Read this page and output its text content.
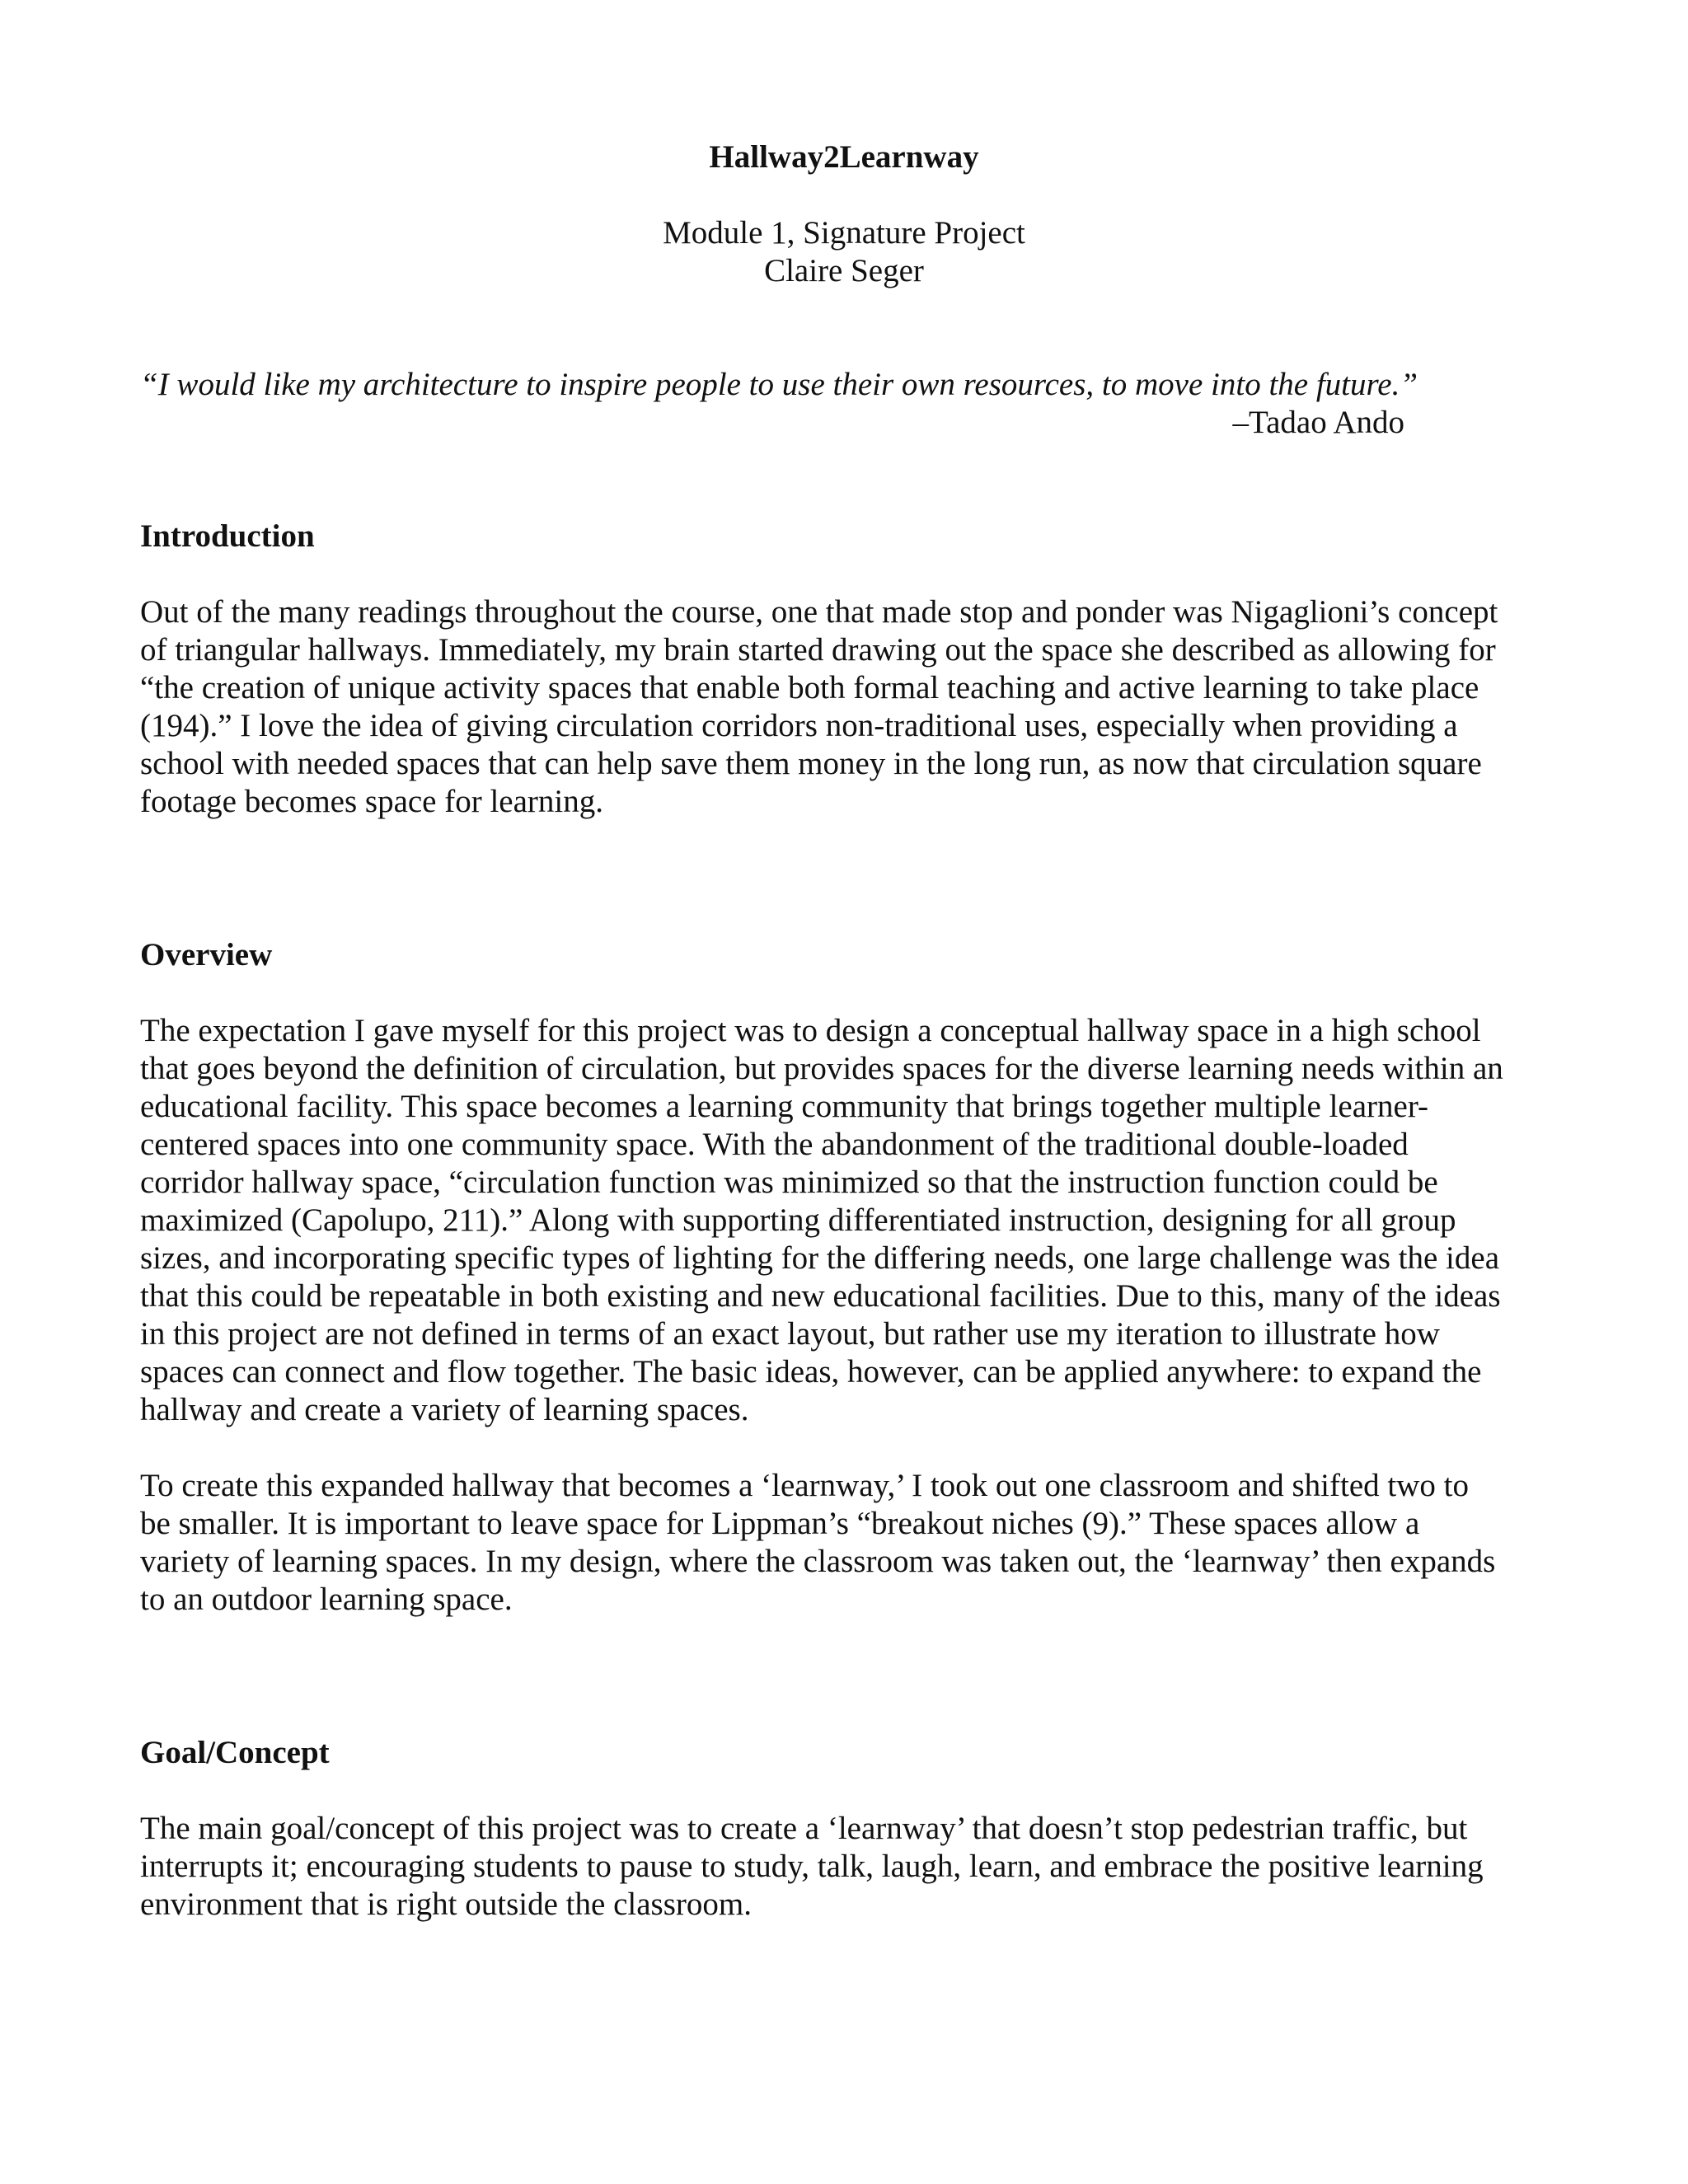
Hallway2Learnway
Module 1, Signature Project
Claire Seger
“I would like my architecture to inspire people to use their own resources, to move into the future.”
–Tadao Ando
Introduction
Out of the many readings throughout the course, one that made stop and ponder was Nigaglioni’s concept
of triangular hallways. Immediately, my brain started drawing out the space she described as allowing for
“the creation of unique activity spaces that enable both formal teaching and active learning to take place
(194).” I love the idea of giving circulation corridors non-traditional uses, especially when providing a
school with needed spaces that can help save them money in the long run, as now that circulation square
footage becomes space for learning.
Overview
The expectation I gave myself for this project was to design a conceptual hallway space in a high school
that goes beyond the definition of circulation, but provides spaces for the diverse learning needs within an
educational facility. This space becomes a learning community that brings together multiple learner-
centered spaces into one community space. With the abandonment of the traditional double-loaded
corridor hallway space, “circulation function was minimized so that the instruction function could be
maximized (Capolupo, 211).” Along with supporting differentiated instruction, designing for all group
sizes, and incorporating specific types of lighting for the differing needs, one large challenge was the idea
that this could be repeatable in both existing and new educational facilities. Due to this, many of the ideas
in this project are not defined in terms of an exact layout, but rather use my iteration to illustrate how
spaces can connect and flow together. The basic ideas, however, can be applied anywhere: to expand the
hallway and create a variety of learning spaces.
To create this expanded hallway that becomes a ‘learnway,’ I took out one classroom and shifted two to
be smaller. It is important to leave space for Lippman’s “breakout niches (9).” These spaces allow a
variety of learning spaces. In my design, where the classroom was taken out, the ‘learnway’ then expands
to an outdoor learning space.
Goal/Concept
The main goal/concept of this project was to create a ‘learnway’ that doesn’t stop pedestrian traffic, but
interrupts it; encouraging students to pause to study, talk, laugh, learn, and embrace the positive learning
environment that is right outside the classroom.
